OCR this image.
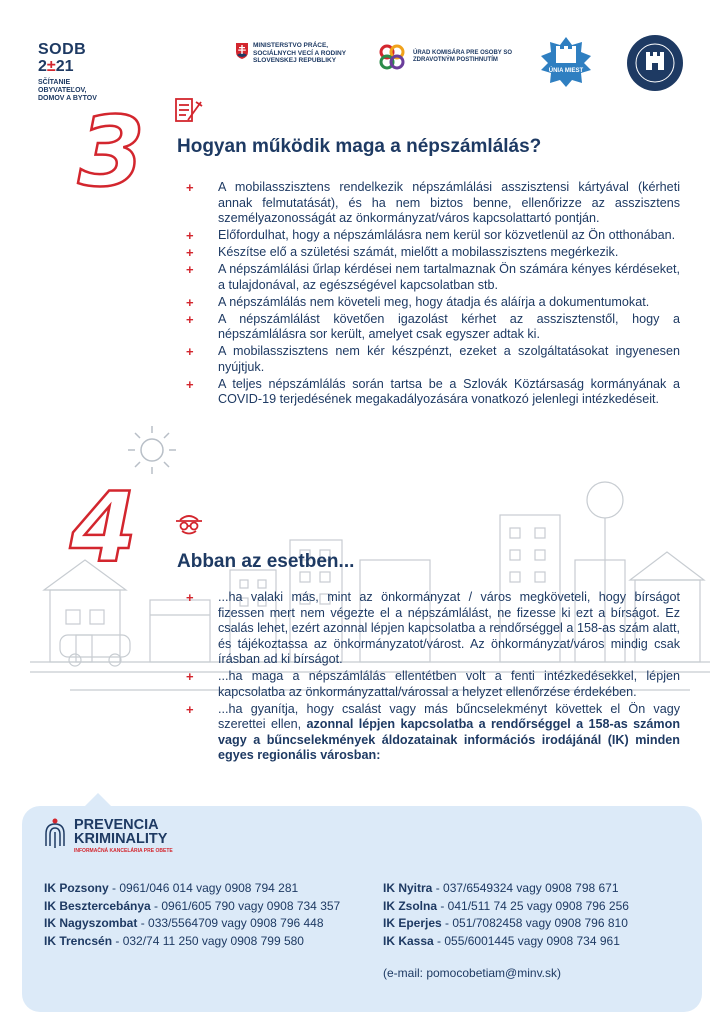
SODB
2±21
SČÍTANIE OBYVATEĽOV, DOMOV A BYTOV
MINISTERSTVO PRÁCE, SOCIÁLNYCH VECÍ A RODINY SLOVENSKEJ REPUBLIKY
ÚRAD KOMISÁRA PRE OSOBY SO ZDRAVOTNÝM POSTIHNUTÍM
ÚNIA MIEST
3 Hogyan működik maga a népszámlálás?
+ A mobilasszisztens rendelkezik népszámlálási asszisztensi kártyával (kérheti annak felmutatását), és ha nem biztos benne, ellenőrizze az asszisztens személyazonosságát az önkormányzat/város kapcsolattartó pontján.
+ Előfordulhat, hogy a népszámlálásra nem kerül sor közvetlenül az Ön otthonában.
+ Készítse elő a születési számát, mielőtt a mobilasszisztens megérkezik.
+ A népszámlálási űrlap kérdései nem tartalmaznak Ön számára kényes kérdéseket, a tulajdonával, az egészségével kapcsolatban stb.
+ A népszámlálás nem követeli meg, hogy átadja és aláírja a dokumentumokat.
+ A népszámlálást követően igazolást kérhet az asszisztenstől, hogy a népszámlálásra sor került, amelyet csak egyszer adtak ki.
+ A mobilasszisztens nem kér készpénzt, ezeket a szolgáltatásokat ingyenesen nyújtjuk.
+ A teljes népszámlálás során tartsa be a Szlovák Köztársaság kormányának a COVID-19 terjedésének megakadályozására vonatkozó jelenlegi intézkedéseit.
4 Abban az esetben...
+ ...ha valaki más, mint az önkormányzat / város megköveteli, hogy bírságot fizessen mert nem végezte el a népszámlálást, ne fizesse ki ezt a bírságot. Ez csalás lehet, ezért azonnal lépjen kapcsolatba a rendőrséggel a 158-as szám alatt, és tájékoztassa az önkormányzatot/várost. Az önkormányzat/város mindig csak írásban ad ki bírságot.
+ ...ha maga a népszámlálás ellentétben volt a fenti intézkedésekkel, lépjen kapcsolatba az önkormányzattal/várossal a helyzet ellenőrzése érdekében.
+ ...ha gyanítja, hogy csalást vagy más bűncselekményt követtek el Ön vagy szerettei ellen, azonnal lépjen kapcsolatba a rendőrséggel a 158-as számon vagy a bűncselekmények áldozatainak információs irodájánál (IK) minden egyes regionális városban:
PREVENCIA
KRIMINALITY
INFORMAČNÁ KANCELÁRIA PRE OBETE
IK Pozsony - 0961/046 014 vagy 0908 794 281
IK Besztercebánya - 0961/605 790 vagy 0908 734 357
IK Nagyszombat - 033/5564709 vagy 0908 796 448
IK Trencsén - 032/74 11 250 vagy 0908 799 580
IK Nyitra - 037/6549324 vagy 0908 798 671
IK Zsolna - 041/511 74 25 vagy 0908 796 256
IK Eperjes - 051/7082458 vagy 0908 796 810
IK Kassa - 055/6001445 vagy 0908 734 961
(e-mail: pomocobetiam@minv.sk)
